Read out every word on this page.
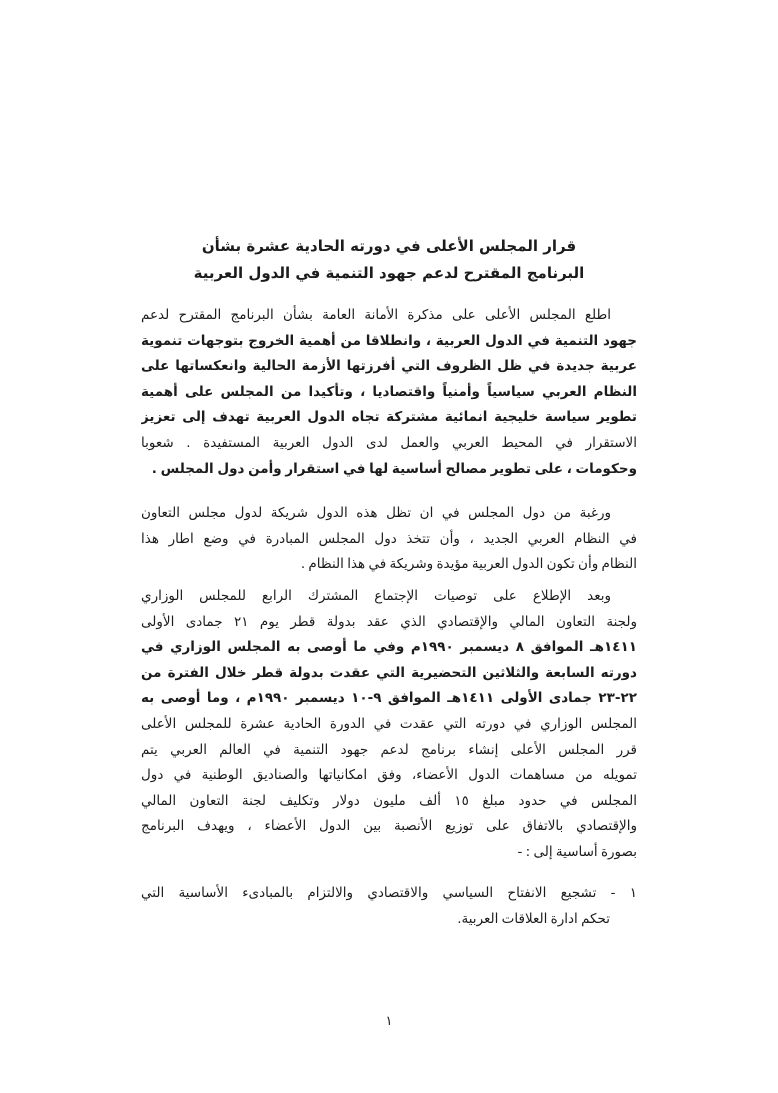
قرار المجلس الأعلى في دورته الحادية عشرة بشأن
البرنامج المقترح لدعم جهود التنمية في الدول العربية
اطلع المجلس الأعلى على مذكرة الأمانة العامة بشأن البرنامج المقترح لدعم
جهود التنمية في الدول العربية ، وانطلاقا من أهمية الخروج بتوجهات تنموية
عربية جديدة في ظل الظروف التي أفرزتها الأزمة الحالية وانعكساتها على
النظام العربي سياسياً وأمنياً واقتصاديا ، وتأكيدا من المجلس على أهمية
تطوير سياسة خليجية انمائية مشتركة تجاه الدول العربية تهدف إلى تعزيز
الاستقرار في المحيط العربي والعمل لدى الدول العربية المستفيدة . شعوبا
وحكومات ، على تطوير مصالح أساسية لها في استقرار وأمن دول المجلس .
ورغبة من دول المجلس في ان تظل هذه الدول شريكة لدول مجلس التعاون
في النظام العربي الجديد ، وأن تتخذ دول المجلس المبادرة في وضع اطار هذا
النظام وأن تكون الدول العربية مؤيدة وشريكة في هذا النظام .
وبعد الإطلاع على توصيات الإجتماع المشترك الرابع للمجلس الوزاري
ولجنة التعاون المالي والإقتصادي الذي عقد بدولة قطر يوم ٢١ جمادى الأولى
١٤١١هـ الموافق ٨ ديسمبر ١٩٩٠م وفي ما أوصى به المجلس الوزاري في
دورته السابعة والثلاثين التحضيرية التي عقدت بدولة قطر خلال الفترة من
٢٢-٢٣ جمادى الأولى ١٤١١هـ الموافق ٩-١٠ ديسمبر ١٩٩٠م ، وما أوصى به
المجلس الوزاري في دورته التي عقدت في الدورة الحادية عشرة للمجلس الأعلى
قرر المجلس الأعلى إنشاء برنامج لدعم جهود التنمية في العالم العربي يتم
تمويله من مساهمات الدول الأعضاء، وفق امكانياتها والصناديق الوطنية في دول
المجلس في حدود مبلغ ١٥ ألف مليون دولار وتكليف لجنة التعاون المالي
والإقتصادي بالاتفاق على توزيع الأنصبة بين الدول الأعضاء ، ويهدف البرنامج
بصورة أساسية إلى : -
١ - تشجيع الانفتاح السياسي والاقتصادي والالتزام بالمبادىء الأساسية التي
تحكم ادارة العلاقات العربية.
١
